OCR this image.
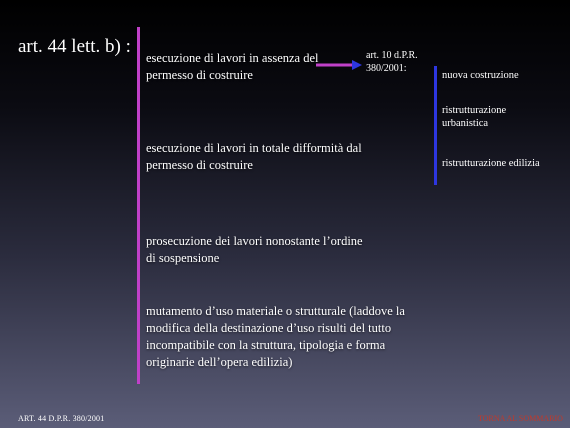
art. 44 lett. b) :
esecuzione di lavori in assenza del permesso di costruire
esecuzione di lavori in totale difformità dal permesso di costruire
prosecuzione dei lavori nonostante l’ordine di sospensione
mutamento d’uso materiale o strutturale (laddove la modifica della destinazione d’uso risulti del tutto incompatibile con la struttura, tipologia e forma originarie dell’opera edilizia)
art. 10 d.P.R. 380/2001:
nuova costruzione
ristrutturazione urbanistica
ristrutturazione edilizia
ART. 44 D.P.R. 380/2001	TORNA AL SOMMARIO
